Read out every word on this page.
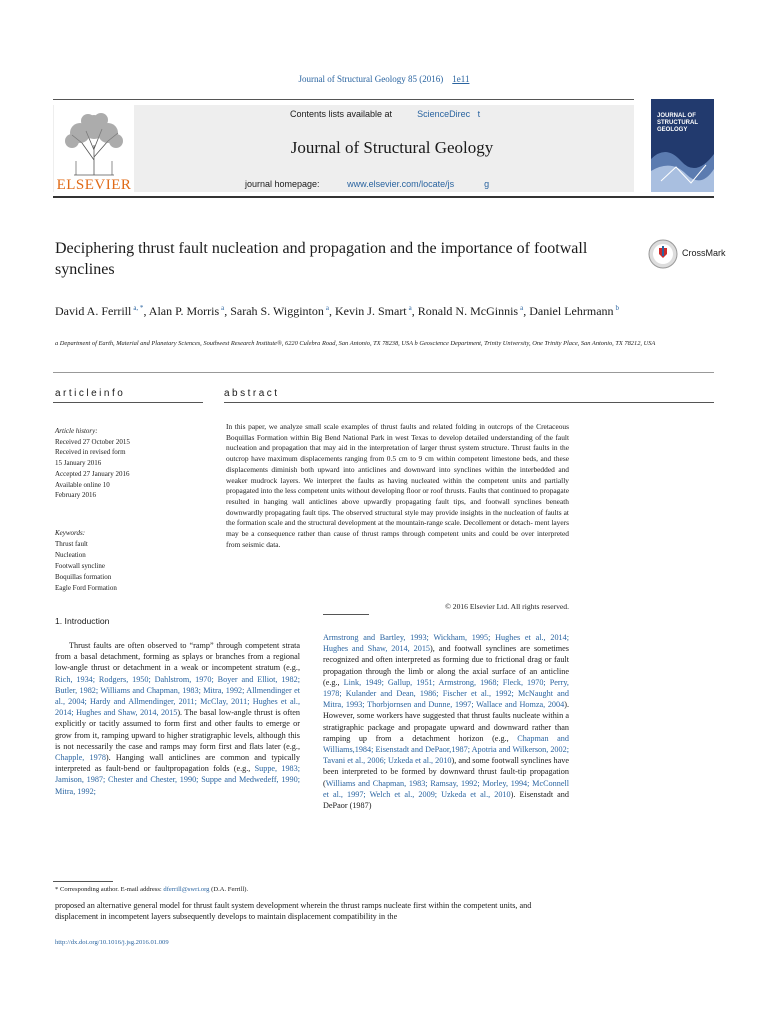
Journal of Structural Geology 85 (2016) 1e11
ELSEVIER
Contents lists available at	ScienceDirec t
Journal of Structural Geology
journal homepage:	www.elsevier.com/locate/js	g
JOURNAL OF STRUCTURAL GEOLOGY
Deciphering thrust fault nucleation and propagation and the importance of footwall synclines
CrossMark
David A. Ferrill $^{a, *}$, Alan P. Morris $^a$, Sarah S. Wigginton $^a$, Kevin J. Smart $^a$, Ronald N. McGinnis $^a$, Daniel Lehrmann $^b$
a Department of Earth, Material and Planetary Sciences, Southwest Research Institute®, 6220 Culebra Road, San Antonio, TX 78238, USA b Geoscience Department, Trinity University, One Trinity Place, San Antonio, TX 78212, USA
articleinfo	abstract
Article history:
Received 27 October 2015
Received in revised form
15 January 2016
Accepted 27 January 2016
Available online 10
February 2016
Keywords:
Thrust fault
Nucleation
Footwall syncline
Boquillas formation
Eagle Ford Formation
In this paper, we analyze small scale examples of thrust faults and related folding in outcrops of the Cretaceous Boquillas Formation within Big Bend National Park in west Texas to develop detailed understanding of the fault nucleation and propagation that may aid in the interpretation of larger thrust system structure. Thrust faults in the outcrop have maximum displacements ranging from 0.5 cm to 9 cm within competent limestone beds, and these displacements diminish both upward into anticlines and downward into synclines within the interbedded and weaker mudrock layers. We interpret the faults as having nucleated within the competent units and partially propagated into the less competent units without developing floor or roof thrusts. Faults that continued to propagate resulted in hanging wall anticlines above upwardly propagating fault tips, and footwall synclines beneath downwardly propagating fault tips. The observed structural style may provide insights in the nucleation of faults at the formation scale and the structural development at the mountain-range scale. Decollement or detach- ment layers may be a consequence rather than cause of thrust ramps through competent units and could be over interpreted from seismic data.
© 2016 Elsevier Ltd. All rights reserved.
1. Introduction
Thrust faults are often observed to “ramp” through competent strata from a basal detachment, forming as splays or branches from a regional low-angle thrust or detachment in a weak or incompetent stratum (e.g., Rich, 1934; Rodgers, 1950; Dahlstrom, 1970; Boyer and Elliot, 1982; Butler, 1982; Williams and Chapman, 1983; Mitra, 1992; Allmendinger et al., 2004; Hardy and Allmendinger, 2011; McClay, 2011; Hughes et al., 2014; Hughes and Shaw, 2014, 2015). The basal low-angle thrust is often explicitly or tacitly assumed to form first and other faults to emerge or grow from it, ramping upward to higher stratigraphic levels, although this is not necessarily the case and ramps may form first and flats later (e.g., Chapple, 1978). Hanging wall anticlines are common and typically interpreted as fault-bend or faultpropagation folds (e.g., Suppe, 1983; Jamison, 1987; Chester and Chester, 1990; Suppe and Medwedeff, 1990; Mitra, 1992;
Armstrong and Bartley, 1993; Wickham, 1995; Hughes et al., 2014; Hughes and Shaw, 2014, 2015), and footwall synclines are sometimes recognized and often interpreted as forming due to frictional drag or fault propagation through the limb or along the axial surface of an anticline (e.g., Link, 1949; Gallup, 1951; Armstrong, 1968; Fleck, 1970; Perry, 1978; Kulander and Dean, 1986; Fischer et al., 1992; McNaught and Mitra, 1993; Thorbjornsen and Dunne, 1997; Wallace and Homza, 2004). However, some workers have suggested that thrust faults nucleate within a stratigraphic package and propagate upward and downward rather than ramping up from a detachment horizon (e.g., Chapman and Williams,1984; Eisenstadt and DePaor,1987; Apotria and Wilkerson, 2002; Tavani et al., 2006; Uzkeda et al., 2010), and some footwall synclines have been interpreted to be formed by downward thrust fault-tip propagation (Williams and Chapman, 1983; Ramsay, 1992; Morley, 1994; McConnell et al., 1997; Welch et al., 2009; Uzkeda et al., 2010). Eisenstadt and DePaor (1987)
* Corresponding author. E-mail address: dferrill@swri.org (D.A. Ferrill).
proposed an alternative general model for thrust fault system development wherein the thrust ramps nucleate first within the competent units, and displacement in incompetent layers subsequently develops to maintain displacement compatibility in the
http://dx.doi.org/10.1016/j.jsg.2016.01.009
